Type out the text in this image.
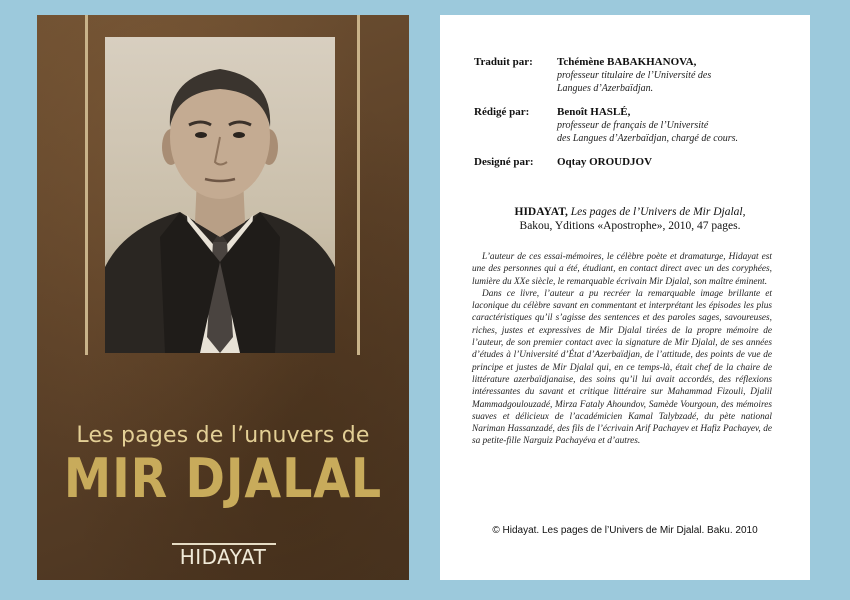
Les pages de l’unuvers de
MIR DJALAL
HIDAYAT
Traduit par: Tchémène BABAKHANOVA,
professeur titulaire de l’Université des
Langues d’Azerbaïdjan.
Rédigé par:	Benoît HASLÉ,
professeur de français de l’Université
des Langues d’Azerbaïdjan, chargé de cours.
Designé par: Oqtay OROUDJOV
HIDAYAT, Les pages de l’Univers de Mir Djalal,
Bakou, Yditions «Apostrophe», 2010, 47 pages.

L’auteur de ces essai-mémoires, le célèbre poète et dramaturge, Hidayat est une des personnes qui a été, étudiant, en contact direct avec un des coryphées, lumière du XXe siècle, le remarquable écrivain Mir Djalal, son maître éminent.

Dans ce livre, l’auteur a pu recréer la remarquable image brillante et laconique du célèbre savant en commentant et interprétant les épisodes les plus caractéristiques qu’il s’agisse des sentences et des paroles sages, savoureuses, riches, justes et expressives de Mir Djalal tirées de la propre mémoire de l’auteur, de son premier contact avec la signature de Mir Djalal, de ses années d’études à l’Université d’État d’Azerbaïdjan, de l’attitude, des points de vue de principe et justes de Mir Djalal qui, en ce temps-là, était chef de la chaire de littérature azerbaïdjanaise, des soins qu’il lui avait accordés, des réflexions intéressantes du savant et critique littéraire sur Mahammad Fizouli, Djalil Mammadgoulouzadé, Mirza Fataly Ahoundov, Samède Vourgoun, des mémoires suaves et délicieux de l’académicien Kamal Talybzadé, du pète national Nariman Hassanzadé, des fils de l’écrivain Arif Pachayev et Hafiz Pachayev, de sa petite-fille Narguiz Pachayéva et d’autres.

© Hidayat. Les pages de l’Univers de Mir Djalal. Baku. 2010
